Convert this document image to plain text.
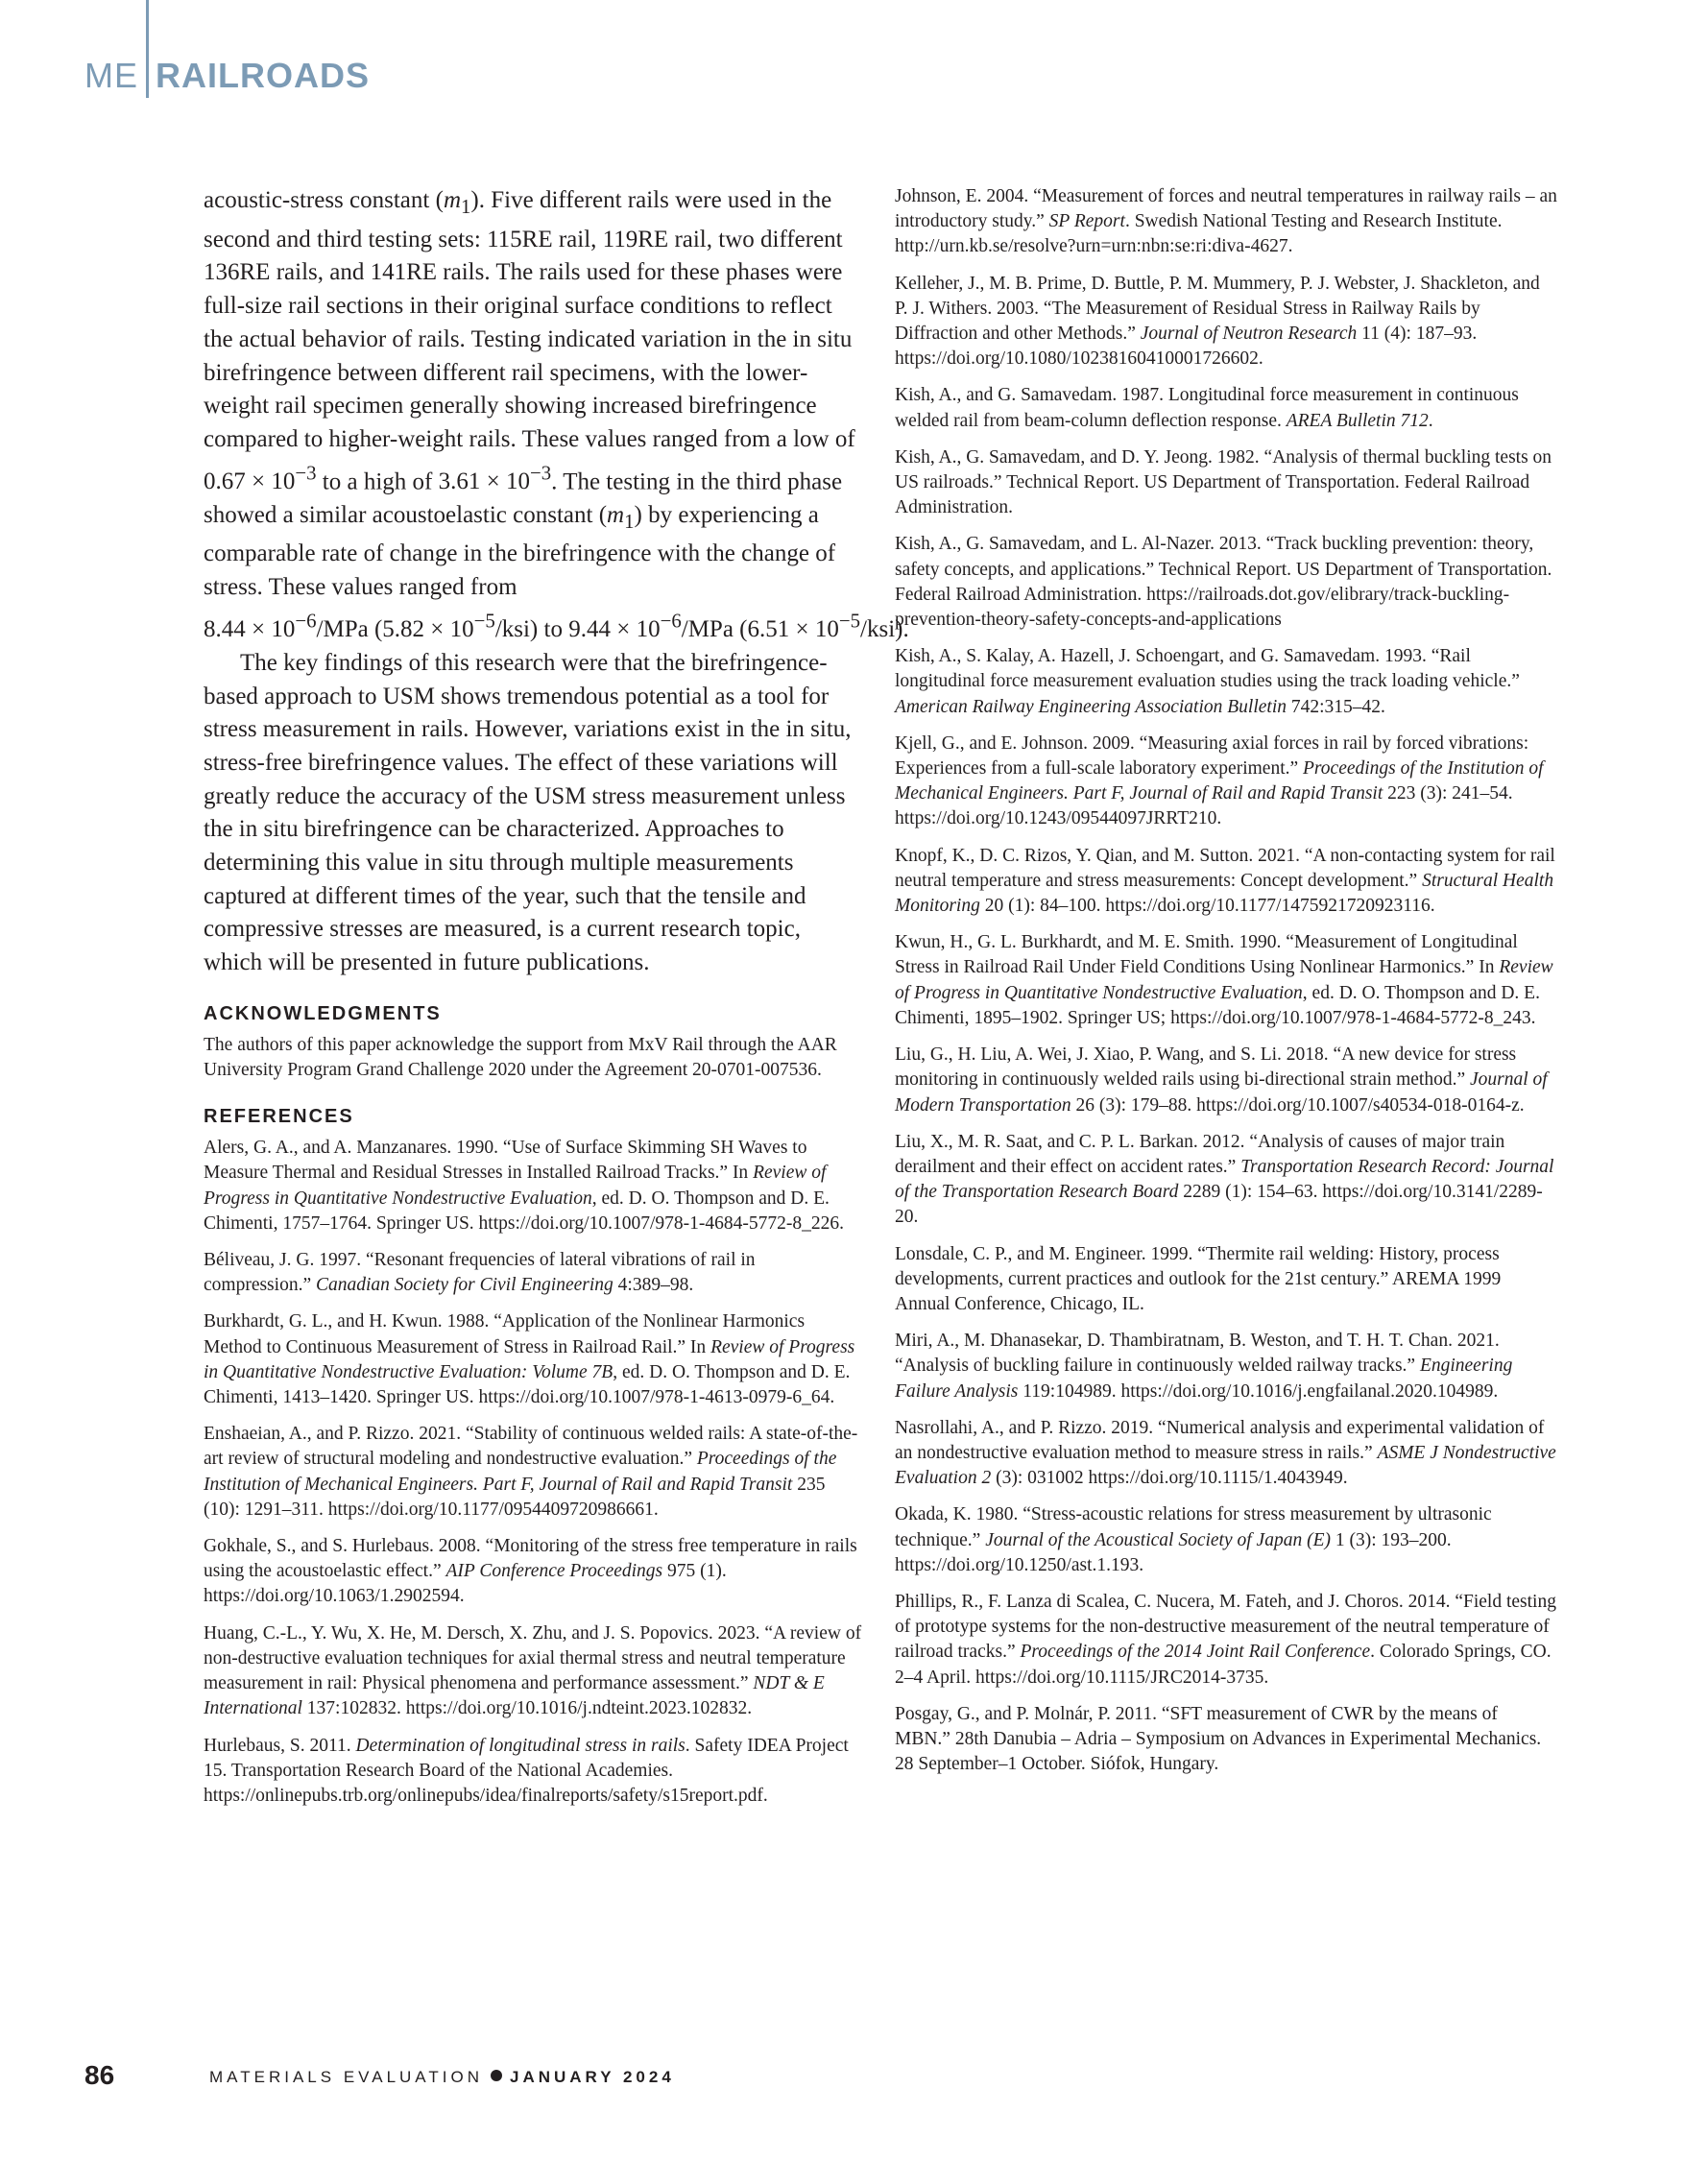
ME RAILROADS

acoustic-stress constant $(m_1)$. Five different rails were used in the second and third testing sets: 115RE rail, 119RE rail, two different 136RE rails, and 141RE rails. The rails used for these phases were full-size rail sections in their original surface conditions to reflect the actual behavior of rails. Testing indicated variation in the in situ birefringence between different rail specimens, with the lower-weight rail specimen generally showing increased birefringence compared to higher-weight rails. These values ranged from a low of $0.67 \times 10^{-3}$ to a high of $3.61 \times 10^{-3}$. The testing in the third phase showed a similar acoustoelastic constant $(m_1)$ by experiencing a comparable rate of change in the birefringence with the change of stress. These values ranged from $8.44 \times 10^{-6}$/MPa $(5.82 \times 10^{-5}/ksi)$ to $9.44 \times 10^{-6}$/MPa $(6.51 \times 10^{-5}/ksi)$.

The key findings of this research were that the birefringence-based approach to USM shows tremendous potential as a tool for stress measurement in rails. However, variations exist in the in situ, stress-free birefringence values. The effect of these variations will greatly reduce the accuracy of the USM stress measurement unless the in situ birefringence can be characterized. Approaches to determining this value in situ through multiple measurements captured at different times of the year, such that the tensile and compressive stresses are measured, is a current research topic, which will be presented in future publications.

ACKNOWLEDGMENTS

The authors of this paper acknowledge the support from MxV Rail through the AAR University Program Grand Challenge 2020 under the Agreement 20-0701-007536.

REFERENCES

Alers, G. A., and A. Manzanares. 1990. “Use of Surface Skimming SH Waves to Measure Thermal and Residual Stresses in Installed Railroad Tracks.” In Review of Progress in Quantitative Nondestructive Evaluation, ed. D. O. Thompson and D. E. Chimenti, 1757–1764. Springer US. https://doi.org/10.1007/978-1-4684-5772-8_226.

Béliveau, J. G. 1997. “Resonant frequencies of lateral vibrations of rail in compression.” Canadian Society for Civil Engineering 4:389–98.

Burkhardt, G. L., and H. Kwun. 1988. “Application of the Nonlinear Harmonics Method to Continuous Measurement of Stress in Railroad Rail.” In Review of Progress in Quantitative Nondestructive Evaluation: Volume 7B, ed. D. O. Thompson and D. E. Chimenti, 1413–1420. Springer US. https://doi.org/10.1007/978-1-4613-0979-6_64.

Enshaeian, A., and P. Rizzo. 2021. “Stability of continuous welded rails: A state-of-the-art review of structural modeling and nondestructive evaluation.” Proceedings of the Institution of Mechanical Engineers. Part F, Journal of Rail and Rapid Transit 235 (10): 1291–311. https://doi.org/10.1177/0954409720986661.

Gokhale, S., and S. Hurlebaus. 2008. “Monitoring of the stress free temperature in rails using the acoustoelastic effect.” AIP Conference Proceedings 975 (1). https://doi.org/10.1063/1.2902594.

Huang, C.-L., Y. Wu, X. He, M. Dersch, X. Zhu, and J. S. Popovics. 2023. “A review of non-destructive evaluation techniques for axial thermal stress and neutral temperature measurement in rail: Physical phenomena and performance assessment.” NDT & E International 137:102832. https://doi.org/10.1016/j.ndteint.2023.102832.

Hurlebaus, S. 2011. Determination of longitudinal stress in rails. Safety IDEA Project 15. Transportation Research Board of the National Academies. https://onlinepubs.trb.org/onlinepubs/idea/finalreports/safety/s15report.pdf.

Johnson, E. 2004. “Measurement of forces and neutral temperatures in railway rails – an introductory study.” SP Report. Swedish National Testing and Research Institute. http://urn.kb.se/resolve?urn=urn:nbn:se:ri:diva-4627.

Kelleher, J., M. B. Prime, D. Buttle, P. M. Mummery, P. J. Webster, J. Shackleton, and P. J. Withers. 2003. “The Measurement of Residual Stress in Railway Rails by Diffraction and other Methods.” Journal of Neutron Research 11 (4): 187–93. https://doi.org/10.1080/10238160410001726602.

Kish, A., and G. Samavedam. 1987. Longitudinal force measurement in continuous welded rail from beam-column deflection response. AREA Bulletin 712.

Kish, A., G. Samavedam, and D. Y. Jeong. 1982. “Analysis of thermal buckling tests on US railroads.” Technical Report. US Department of Transportation. Federal Railroad Administration.

Kish, A., G. Samavedam, and L. Al-Nazer. 2013. “Track buckling prevention: theory, safety concepts, and applications.” Technical Report. US Department of Transportation. Federal Railroad Administration. https://railroads.dot.gov/elibrary/track-buckling-prevention-theory-safety-concepts-and-applications

Kish, A., S. Kalay, A. Hazell, J. Schoengart, and G. Samavedam. 1993. “Rail longitudinal force measurement evaluation studies using the track loading vehicle.” American Railway Engineering Association Bulletin 742:315–42.

Kjell, G., and E. Johnson. 2009. “Measuring axial forces in rail by forced vibrations: Experiences from a full-scale laboratory experiment.” Proceedings of the Institution of Mechanical Engineers. Part F, Journal of Rail and Rapid Transit 223 (3): 241–54. https://doi.org/10.1243/09544097JRRT210.

Knopf, K., D. C. Rizos, Y. Qian, and M. Sutton. 2021. “A non-contacting system for rail neutral temperature and stress measurements: Concept development.” Structural Health Monitoring 20 (1): 84–100. https://doi.org/10.1177/1475921720923116.

Kwun, H., G. L. Burkhardt, and M. E. Smith. 1990. “Measurement of Longitudinal Stress in Railroad Rail Under Field Conditions Using Nonlinear Harmonics.” In Review of Progress in Quantitative Nondestructive Evaluation, ed. D. O. Thompson and D. E. Chimenti, 1895–1902. Springer US; https://doi.org/10.1007/978-1-4684-5772-8_243.

Liu, G., H. Liu, A. Wei, J. Xiao, P. Wang, and S. Li. 2018. “A new device for stress monitoring in continuously welded rails using bi-directional strain method.” Journal of Modern Transportation 26 (3): 179–88. https://doi.org/10.1007/s40534-018-0164-z.

Liu, X., M. R. Saat, and C. P. L. Barkan. 2012. “Analysis of causes of major train derailment and their effect on accident rates.” Transportation Research Record: Journal of the Transportation Research Board 2289 (1): 154–63. https://doi.org/10.3141/2289-20.

Lonsdale, C. P., and M. Engineer. 1999. “Thermite rail welding: History, process developments, current practices and outlook for the 21st century.” AREMA 1999 Annual Conference, Chicago, IL.

Miri, A., M. Dhanasekar, D. Thambiratnam, B. Weston, and T. H. T. Chan. 2021. “Analysis of buckling failure in continuously welded railway tracks.” Engineering Failure Analysis 119:104989. https://doi.org/10.1016/j.engfailanal.2020.104989.

Nasrollahi, A., and P. Rizzo. 2019. “Numerical analysis and experimental validation of an nondestructive evaluation method to measure stress in rails.” ASME J Nondestructive Evaluation 2 (3): 031002 https://doi.org/10.1115/1.4043949.

Okada, K. 1980. “Stress-acoustic relations for stress measurement by ultrasonic technique.” Journal of the Acoustical Society of Japan (E) 1 (3): 193–200. https://doi.org/10.1250/ast.1.193.

Phillips, R., F. Lanza di Scalea, C. Nucera, M. Fateh, and J. Choros. 2014. “Field testing of prototype systems for the non-destructive measurement of the neutral temperature of railroad tracks.” Proceedings of the 2014 Joint Rail Conference. Colorado Springs, CO. 2–4 April. https://doi.org/10.1115/JRC2014-3735.

Posgay, G., and P. Molnár, P. 2011. “SFT measurement of CWR by the means of MBN.” 28th Danubia – Adria – Symposium on Advances in Experimental Mechanics. 28 September–1 October. Siófok, Hungary.

86	MATERIALS EVALUATION JANUARY 2024
